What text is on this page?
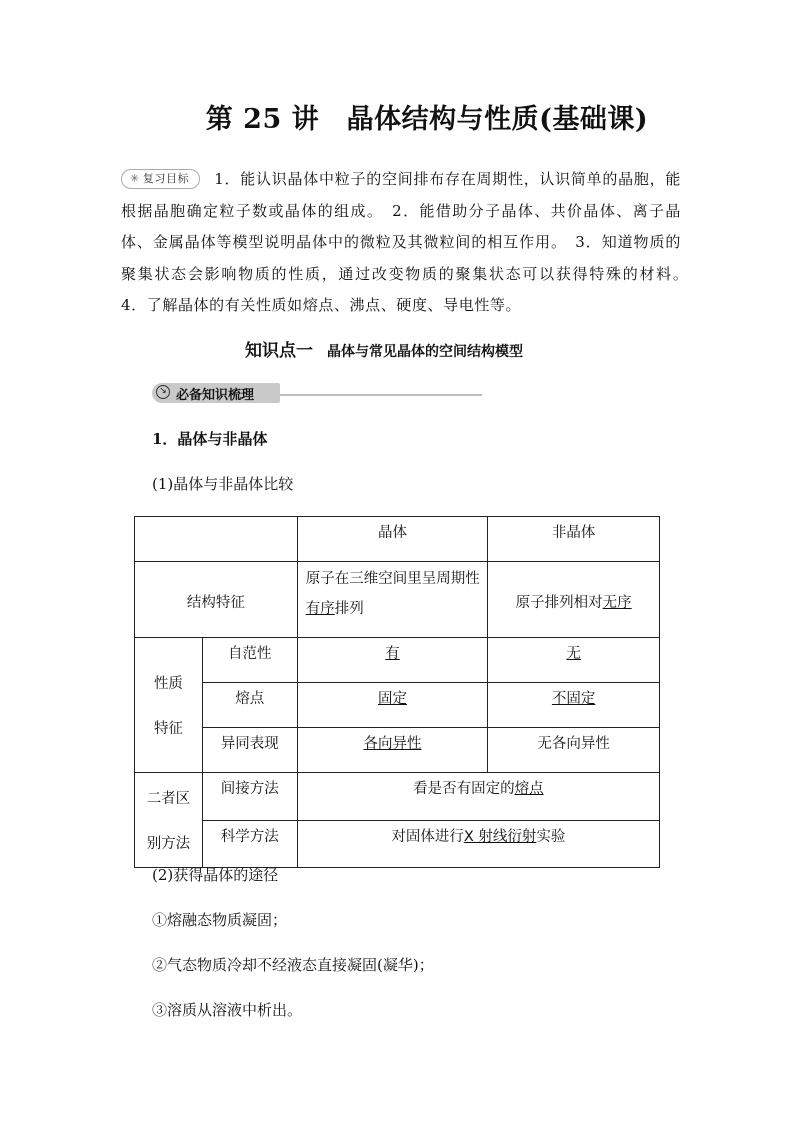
第 25 讲　晶体结构与性质(基础课)
✳ 复习目标 1．能认识晶体中粒子的空间排布存在周期性，认识简单的晶胞，能根据晶胞确定粒子数或晶体的组成。　2．能借助分子晶体、共价晶体、离子晶体、金属晶体等模型说明晶体中的微粒及其微粒间的相互作用。　3．知道物质的聚集状态会影响物质的性质，通过改变物质的聚集状态可以获得特殊的材料。　4．了解晶体的有关性质如熔点、沸点、硬度、导电性等。
知识点一 晶体与常见晶体的空间结构模型
↘ 必备知识梳理
1．晶体与非晶体
(1)晶体与非晶体比较
		晶体	非晶体
结构特征		原子在三维空间里呈周期性有序排列	原子排列相对无序

性质
特征	自范性	有	无
	熔点	固定	不固定
	异同表现	各向异性	无各向异性

二者区
别方法	间接方法	看是否有固定的熔点	
	科学方法	对固体进行X 射线衍射实验	
(2)获得晶体的途径
①熔融态物质凝固；
②气态物质冷却不经液态直接凝固(凝华)；
③溶质从溶液中析出。
